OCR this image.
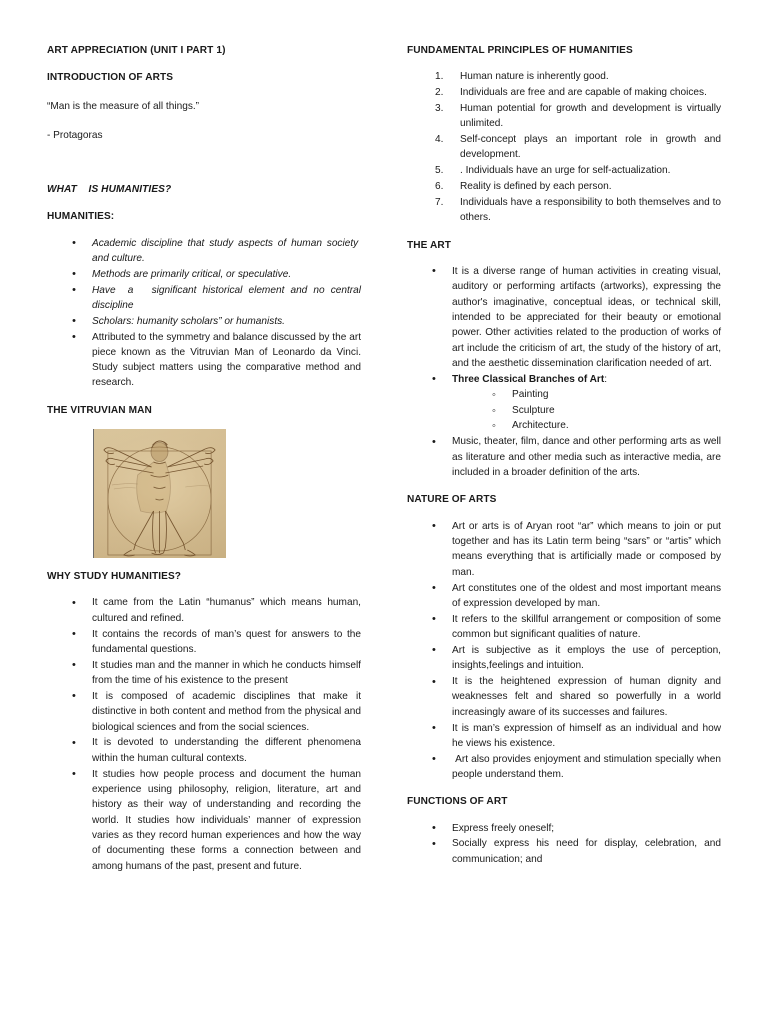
ART APPRECIATION (UNIT I PART 1)
INTRODUCTION OF ARTS
“Man is the measure of all things.”
- Protagoras
WHAT    IS HUMANITIES?
HUMANITIES:
• Academic discipline that study aspects of human society  and culture.
• Methods are primarily critical, or speculative.
• Have  a   significant historical element and no central discipline
• Scholars: humanity scholars” or humanists.
• Attributed to the symmetry and balance discussed by the art piece known as the Vitruvian Man of Leonardo da Vinci. Study subject matters using the comparative method and research.
THE VITRUVIAN MAN
WHY STUDY HUMANITIES?
• It came from the Latin “humanus” which means human, cultured and refined.
• It contains the records of man’s quest for answers to the fundamental questions.
• It studies man and the manner in which he conducts himself from the time of his existence to the present
• It is composed of academic disciplines that make it distinctive in both content and method from the physical and biological sciences and from the social sciences.
• It is devoted to understanding the different phenomena within the human cultural contexts.
• It studies how people process and document the human experience using philosophy, religion, literature, art and history as their way of understanding and recording the world. It studies how individuals’ manner of expression varies as they record human experiences and how the way of documenting these forms a connection between and among humans of the past, present and future.
FUNDAMENTAL PRINCIPLES OF HUMANITIES
Human nature is inherently good.
Individuals are free and are capable of making choices.
Human potential for growth and development is virtually unlimited.
Self-concept plays an important role in growth and development.
. Individuals have an urge for self-actualization.
Reality is defined by each person.
Individuals have a responsibility to both themselves and to others.
THE ART
• It is a diverse range of human activities in creating visual, auditory or performing artifacts (artworks), expressing the author's imaginative, conceptual ideas, or technical skill, intended to be appreciated for their beauty or emotional power. Other activities related to the production of works of art include the criticism of art, the study of the history of art, and the aesthetic dissemination clarification needed of art.
• Three Classical Branches of Art:
◦ Painting
◦ Sculpture
◦ Architecture.
• Music, theater, film, dance and other performing arts as well as literature and other media such as interactive media, are included in a broader definition of the arts.
NATURE OF ARTS
• Art or arts is of Aryan root “ar” which means to join or put together and has its Latin term being “sars” or “artis” which means everything that is artificially made or composed by man.
• Art constitutes one of the oldest and most important means of expression developed by man.
• It refers to the skillful arrangement or composition of some common but significant qualities of nature.
• Art is subjective as it employs the use of perception, insights,feelings and intuition.
• It is the heightened expression of human dignity and weaknesses felt and shared so powerfully in a world increasingly aware of its successes and failures.
• It is man’s expression of himself as an individual and how he views his existence.
•  Art also provides enjoyment and stimulation specially when people understand them.
FUNCTIONS OF ART
• Express freely oneself;
• Socially express his need for display, celebration, and communication; and
